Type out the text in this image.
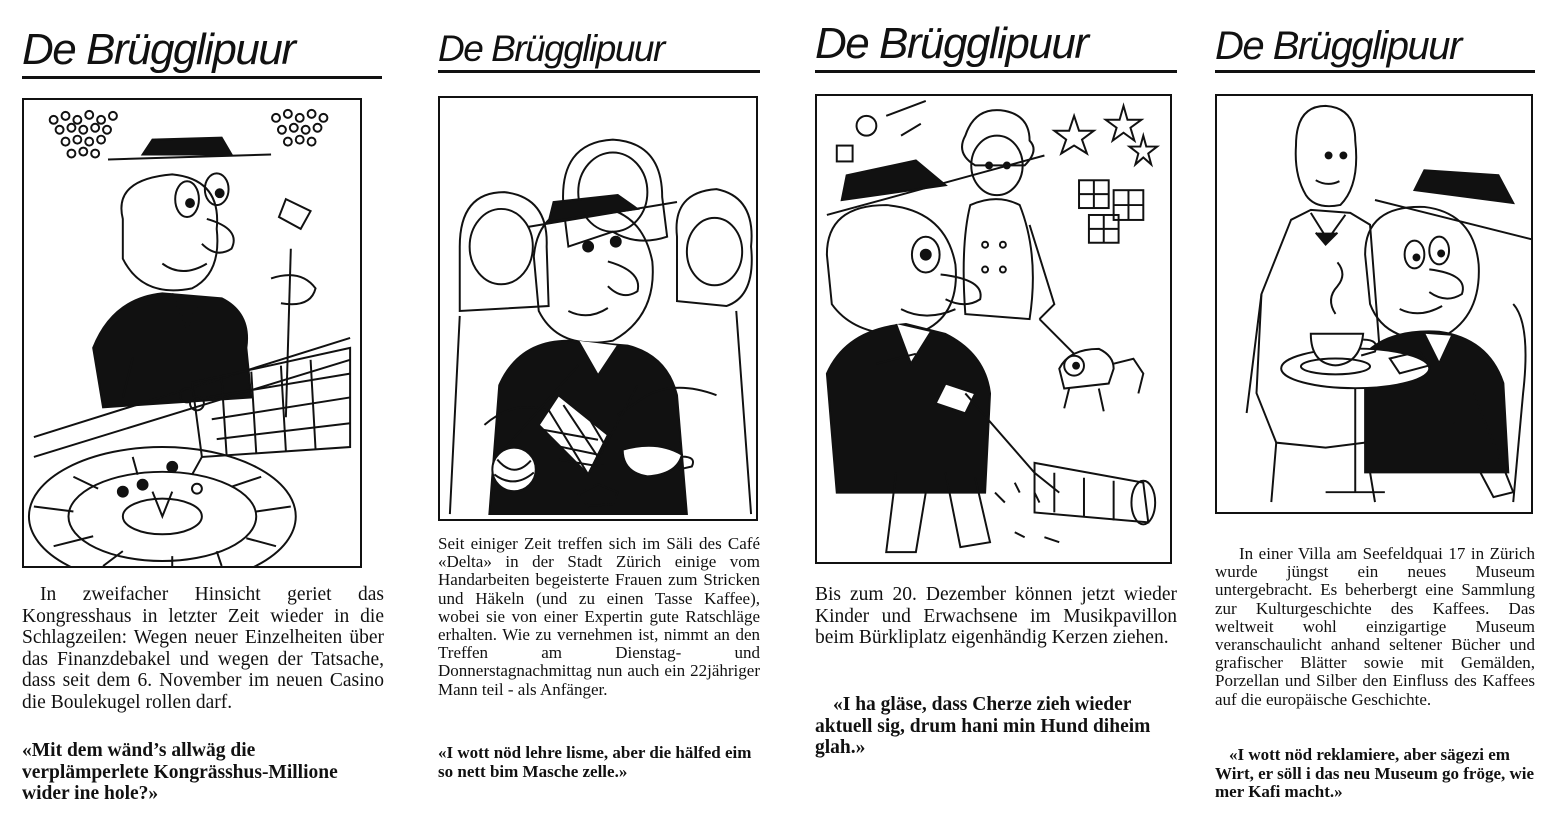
De Brügglipuur
In zweifacher Hinsicht geriet das Kongresshaus in letzter Zeit wieder in die Schlagzeilen: Wegen neuer Einzelheiten über das Finanzdebakel und wegen der Tatsache, dass seit dem 6. November im neuen Casino die Boulekugel rollen darf.
«Mit dem wänd’s allwäg die verplämperlete Kongrässhus-Millione wider ine hole?»
De Brügglipuur
Seit einiger Zeit treffen sich im Säli des Café «Delta» in der Stadt Zürich einige vom Handarbeiten begeisterte Frauen zum Stricken und Häkeln (und zu einen Tasse Kaffee), wobei sie von einer Expertin gute Ratschläge erhalten. Wie zu vernehmen ist, nimmt an den Treffen am Dienstag- und Donnerstagnachmittag nun auch ein 22jähriger Mann teil - als Anfänger.
«I wott nöd lehre lisme, aber die hälfed eim so nett bim Masche zelle.»
De Brügglipuur
Bis zum 20. Dezember können jetzt wieder Kinder und Erwachsene im Musikpavillon beim Bürkliplatz eigenhändig Kerzen ziehen.
«I ha gläse, dass Cherze zieh wieder aktuell sig, drum hani min Hund diheim glah.»
De Brügglipuur
In einer Villa am Seefeldquai 17 in Zürich wurde jüngst ein neues Museum untergebracht. Es beherbergt eine Sammlung zur Kulturgeschichte des Kaffees. Das weltweit wohl einzigartige Museum veranschaulicht anhand seltener Bücher und grafischer Blätter sowie mit Gemälden, Porzellan und Silber den Einfluss des Kaffees auf die europäische Geschichte.
«I wott nöd reklamiere, aber sägezi em Wirt, er söll i das neu Museum go fröge, wie mer Kafi macht.»
